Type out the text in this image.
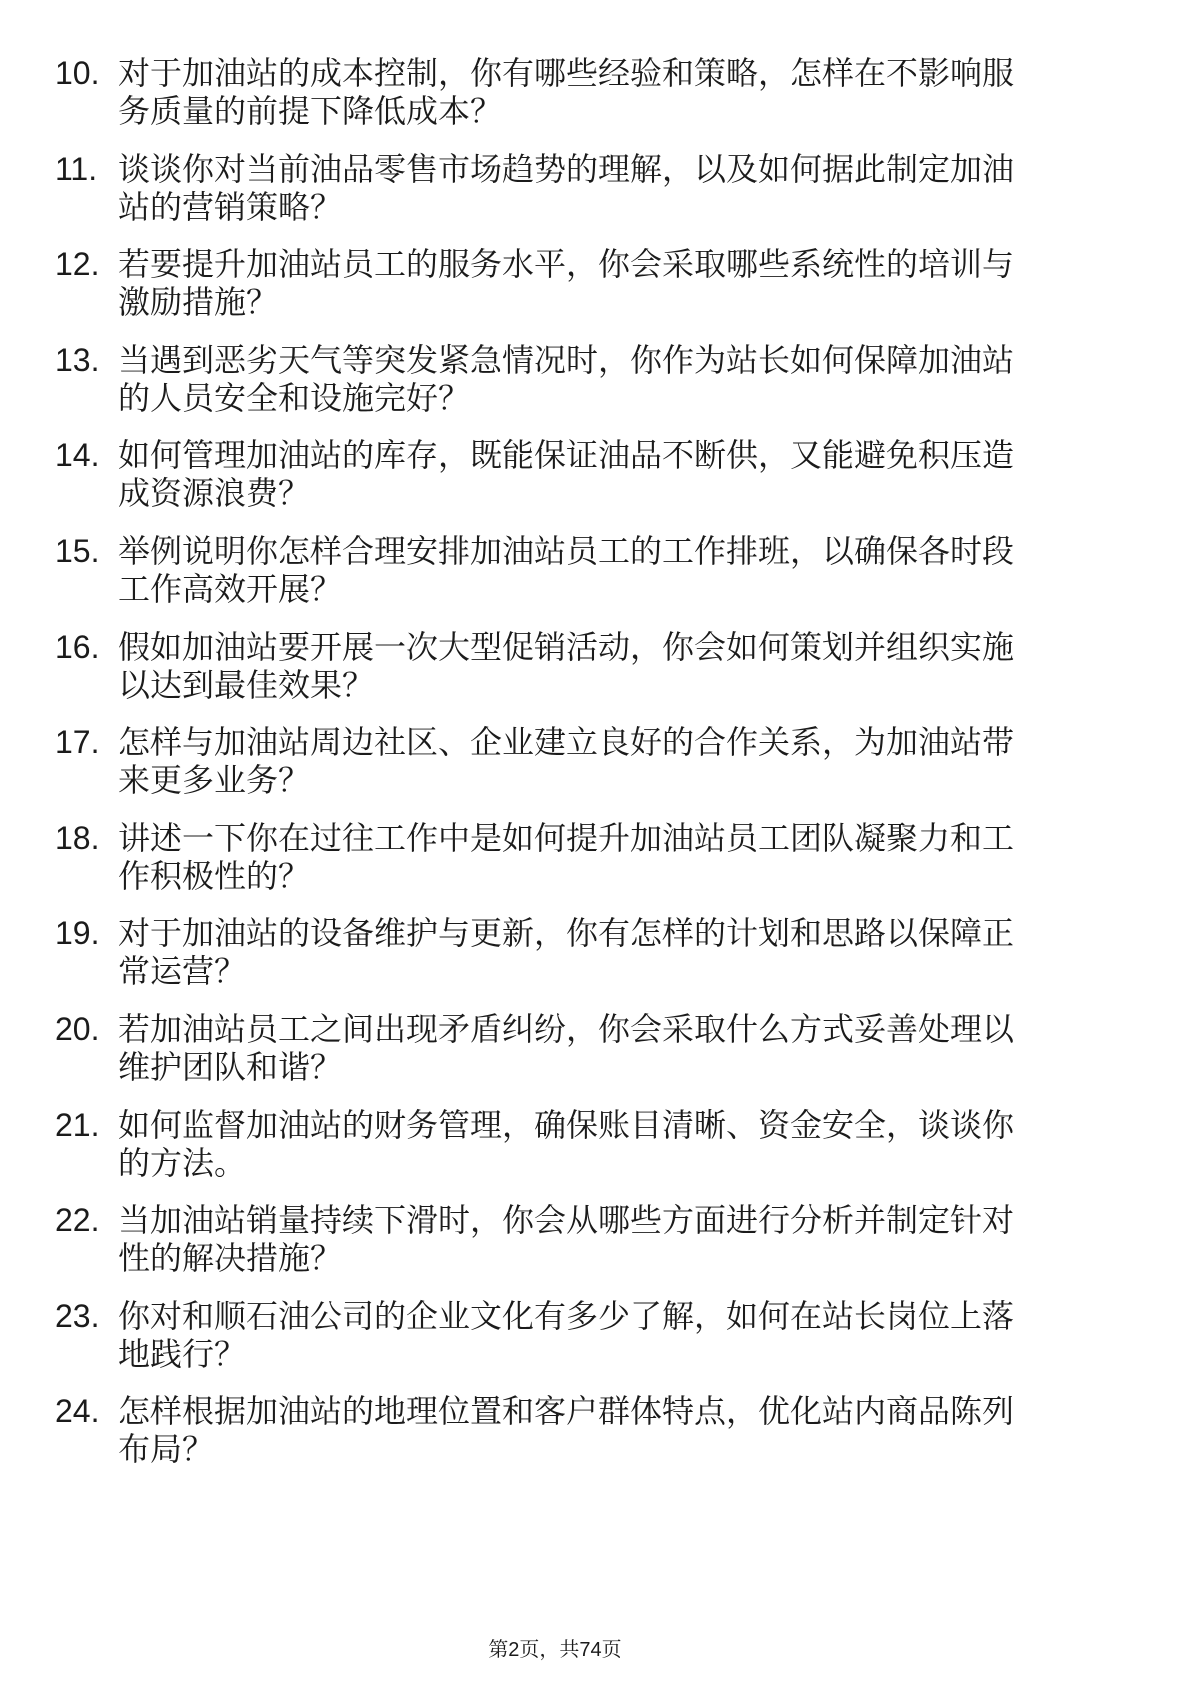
10. 对于加油站的成本控制，你有哪些经验和策略，怎样在不影响服
务质量的前提下降低成本？
11. 谈谈你对当前油品零售市场趋势的理解，以及如何据此制定加油
站的营销策略？
12. 若要提升加油站员工的服务水平，你会采取哪些系统性的培训与
激励措施？
13. 当遇到恶劣天气等突发紧急情况时，你作为站长如何保障加油站
的人员安全和设施完好？
14. 如何管理加油站的库存，既能保证油品不断供，又能避免积压造
成资源浪费？
15. 举例说明你怎样合理安排加油站员工的工作排班，以确保各时段
工作高效开展？
16. 假如加油站要开展一次大型促销活动，你会如何策划并组织实施
以达到最佳效果？
17. 怎样与加油站周边社区、企业建立良好的合作关系，为加油站带
来更多业务？
18. 讲述一下你在过往工作中是如何提升加油站员工团队凝聚力和工
作积极性的？
19. 对于加油站的设备维护与更新，你有怎样的计划和思路以保障正
常运营？
20. 若加油站员工之间出现矛盾纠纷，你会采取什么方式妥善处理以
维护团队和谐？
21. 如何监督加油站的财务管理，确保账目清晰、资金安全，谈谈你
的方法。
22. 当加油站销量持续下滑时，你会从哪些方面进行分析并制定针对
性的解决措施？
23. 你对和顺石油公司的企业文化有多少了解，如何在站长岗位上落
地践行？
24. 怎样根据加油站的地理位置和客户群体特点，优化站内商品陈列
布局？
第2页，共74页
